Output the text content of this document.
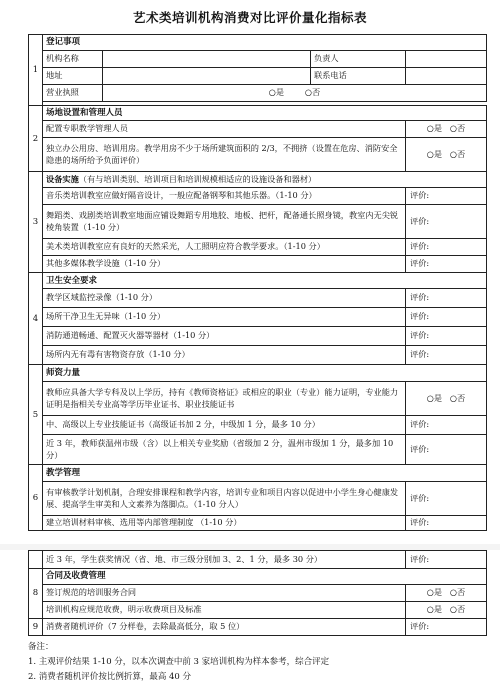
艺术类培训机构消费对比评价量化指标表
1	登记事项			
	机构名称		负责人	
	地址		联系电话	
	营业执照	○是 ○否		

2	场地设置和管理人员			
	配置专职教学管理人员			○是 ○否
	独立办公用房、培训用房。教学用房不少于场所建筑面积的 2/3，不拥挤（设置在危房、消防安全隐患的场所给予负面评价）			○是 ○否
3	设备实施（有与培训类别、培训项目和培训规模相适应的设施设备和器材）			
	音乐类培训教室应做好隔音设计，一般应配备钢琴和其他乐器。（1-10 分）			评价:
	舞蹈类、戏剧类培训教室地面应铺设舞蹈专用地胶、地板、把杆，配备通长照身镜，教室内无尖锐棱角装置（1-10 分）			评价:
	美术类培训教室应有良好的天然采光，人工照明应符合教学要求。（1-10 分）			评价:
	其他多媒体教学设施（1-10 分）			评价:
4	卫生安全要求			
	教学区域监控录像（1-10 分）			评价:
	场所干净卫生无异味（1-10 分）			评价:
	消防通道畅通、配置灭火器等器材（1-10 分）			评价:
	场所内无有毒有害物资存放（1-10 分）			评价:
5	师资力量			
	教师应具备大学专科及以上学历，持有《教师资格证》或相应的职业（专业）能力证明，专业能力证明是指相关专业高等学历毕业证书、职业技能证书			○是 ○否
	中、高级以上专业技能证书（高级证书加 2 分，中级加 1 分，最多 10 分）			评价:
	近 3 年，教师获温州市级（含）以上相关专业奖励（省级加 2 分，温州市级加 1 分，最多加 10 分）			评价:
6	教学管理			
	有审核教学计划机制，合理安排课程和教学内容，培训专业和项目内容以促进中小学生身心健康发展、提高学生审美和人文素养为落脚点。（1-10 分人）			评价:
	建立培训材料审核、选用等内部管理制度 （1-10 分）			评价:
	近 3 年，学生获奖情况（省、地、市三级分别加 3、2、1 分，最多 30 分）	评价:
8	合同及收费管理	
	签订规范的培训服务合同	○是 ○否
	培训机构应规范收费，明示收费项目及标准	○是 ○否
9	消费者随机评价（7 分样卷，去除最高低分，取 5 位）	评价:
备注：
1. 主观评价结果 1-10 分，以本次调查中前 3 家培训机构为样本参考，综合评定
2. 消费者随机评价按比例折算，最高 40 分
